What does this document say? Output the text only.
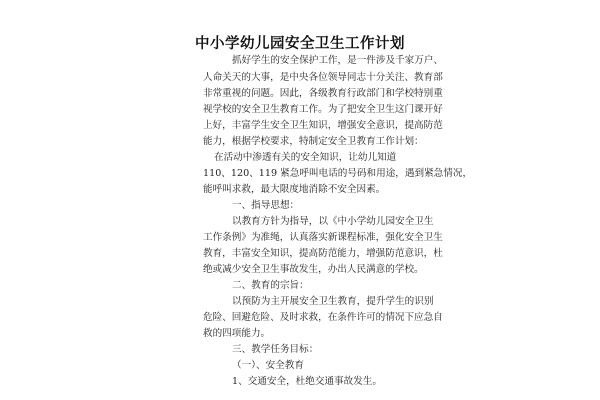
中小学幼儿园安全卫生工作计划
抓好学生的安全保护工作，是一件涉及千家万户、
人命关天的大事，是中央各位领导同志十分关注、教育部
非常重视的问题。因此，各级教育行政部门和学校特别重
视学校的安全卫生教育工作。为了把安全卫生这门课开好
上好，丰富学生安全卫生知识，增强安全意识，提高防范
能力，根据学校要求，特制定安全卫教育工作计划：
在活动中渗透有关的安全知识，让幼儿知道
110、120、119 紧急呼叫电话的号码和用途，遇到紧急情况，
能呼叫求救，最大限度地消除不安全因素。
一、指导思想：
以教育方针为指导，以《中小学幼儿园安全卫生
工作条例》为准绳，认真落实新课程标准，强化安全卫生
教育，丰富安全知识，提高防范能力，增强防范意识，杜
绝或减少安全卫生事故发生，办出人民满意的学校。
二、教育的宗旨：
以预防为主开展安全卫生教育，提升学生的识别
危险、回避危险、及时求救，在条件许可的情况下应急自
救的四项能力。
三、教学任务目标：
（一）、安全教育
1、交通安全，杜绝交通事故发生。
